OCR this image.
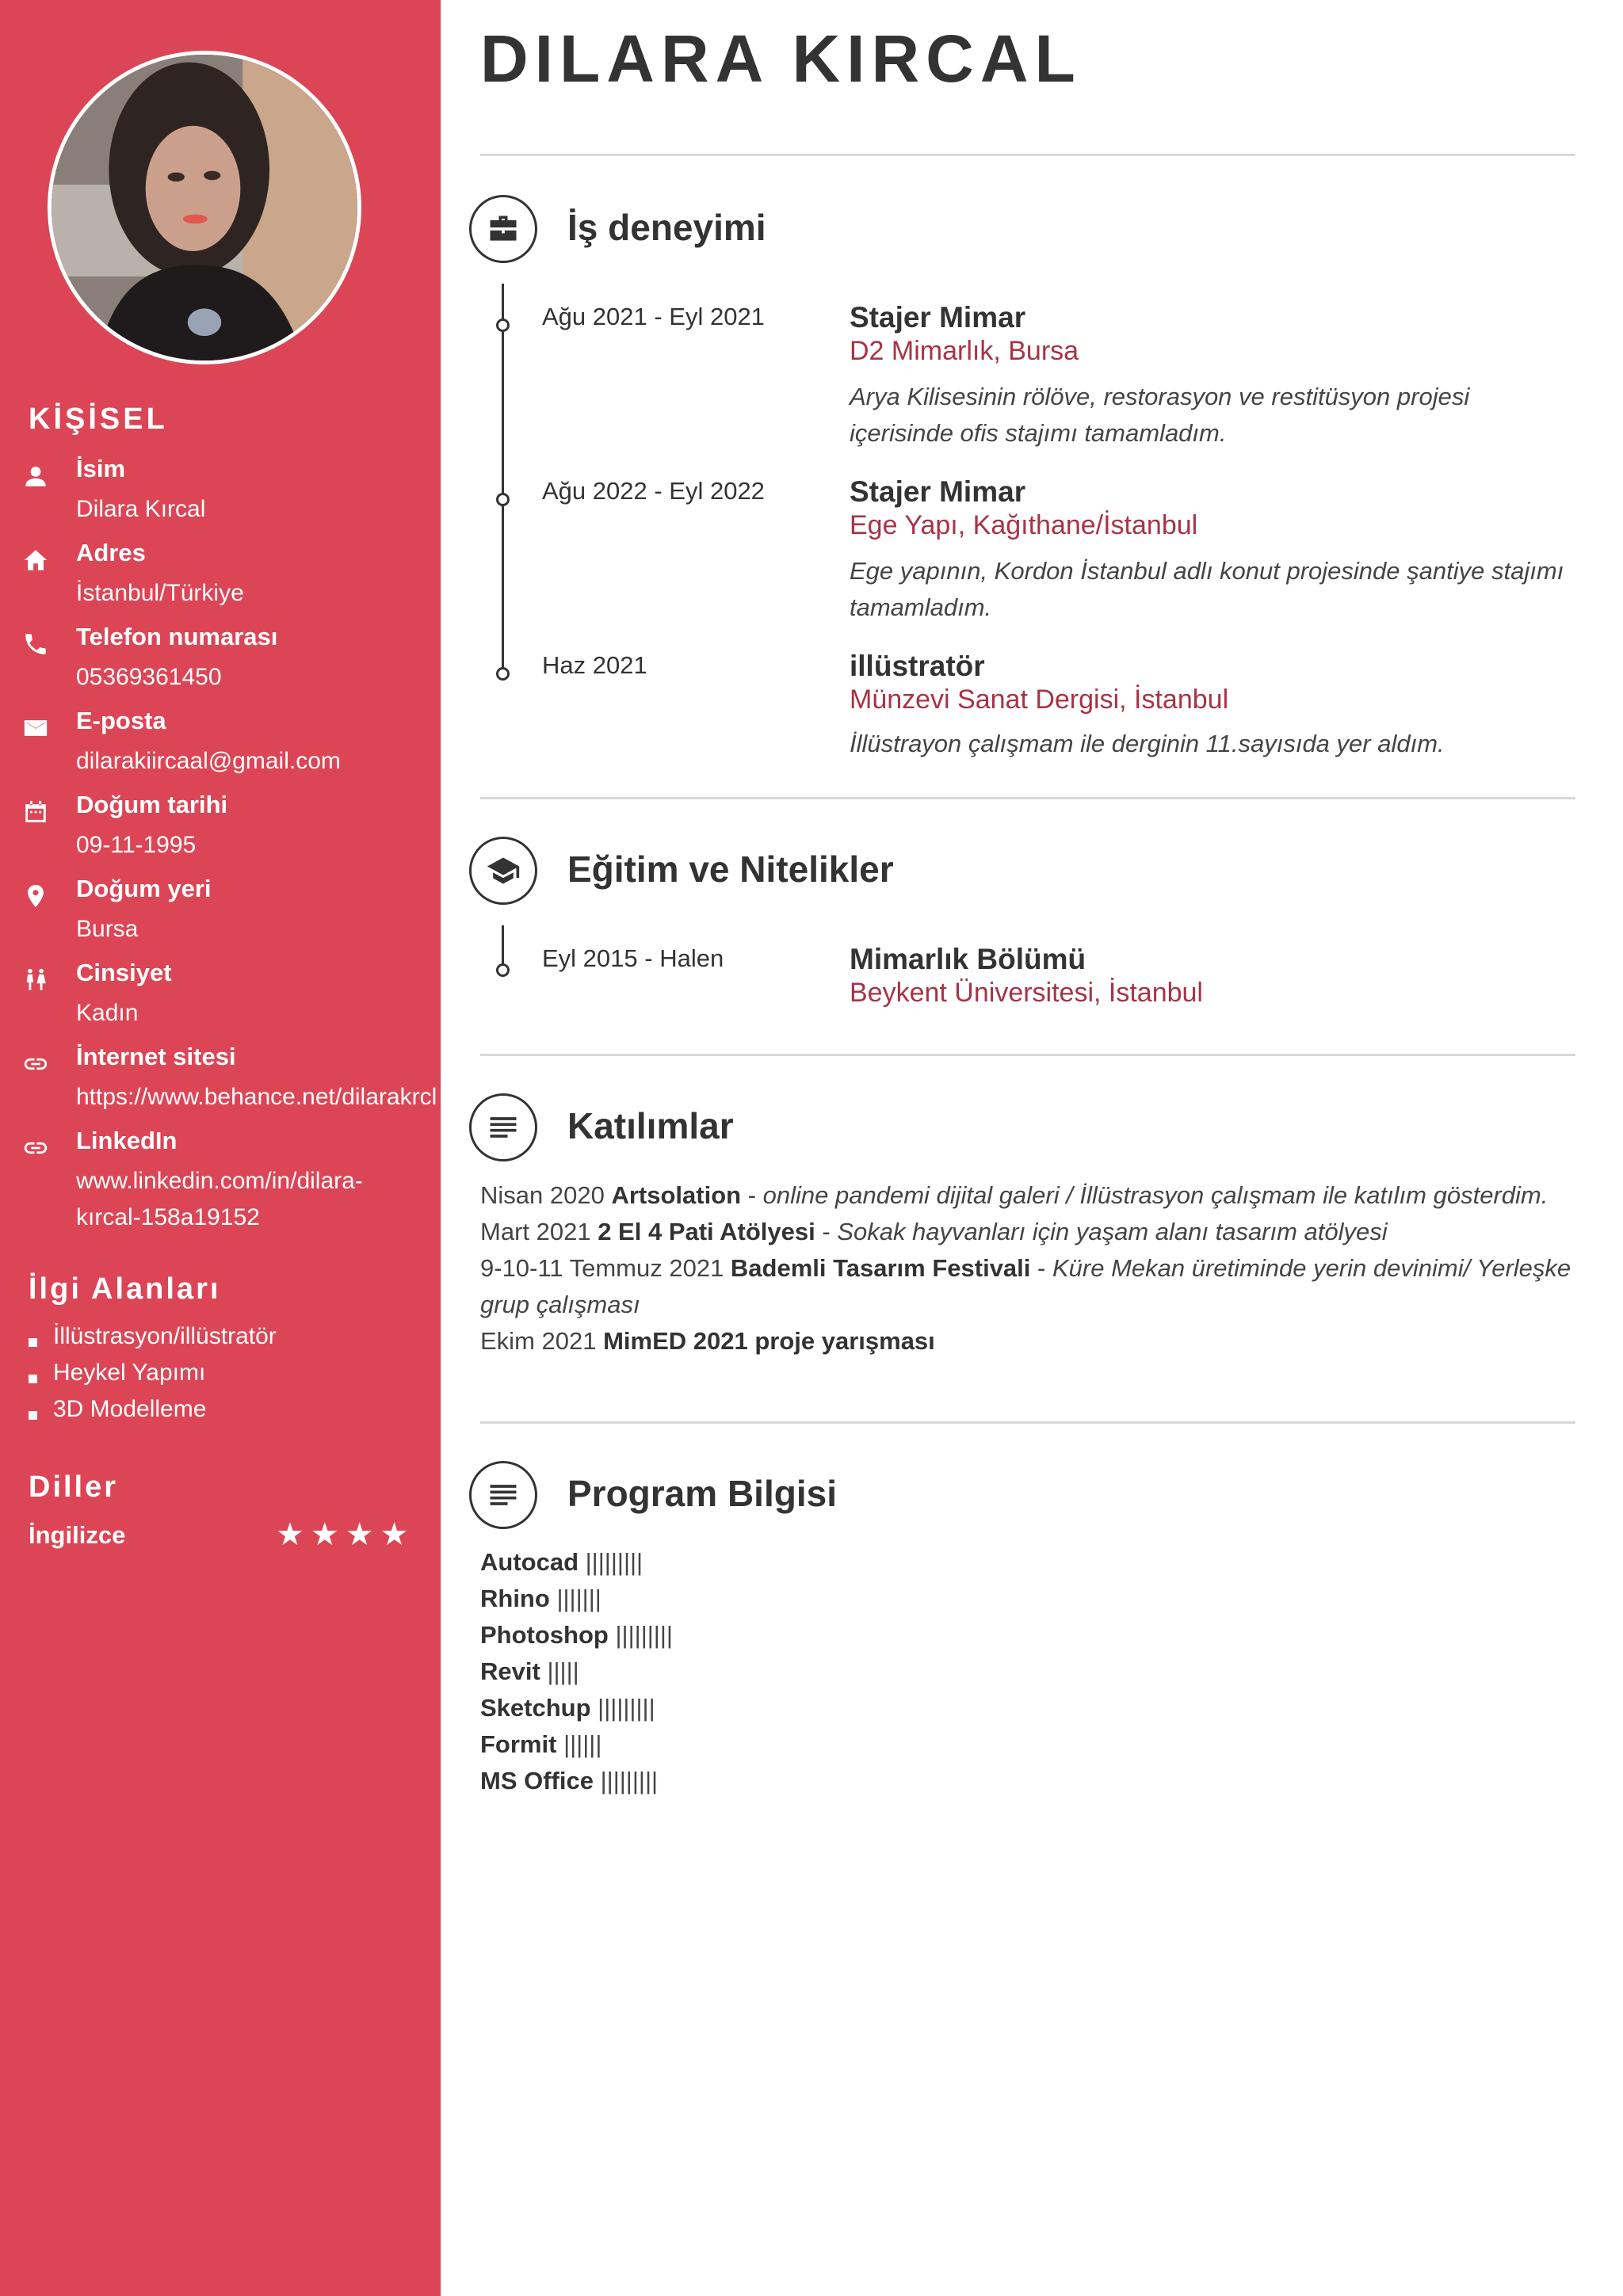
KİŞİSEL
İsim
Dilara Kırcal
Adres
İstanbul/Türkiye
Telefon numarası
05369361450
E-posta
dilarakiircaal@gmail.com
Doğum tarihi
09-11-1995
Doğum yeri
Bursa
Cinsiyet
Kadın
İnternet sitesi
https://www.behance.net/dilarakrcl
LinkedIn
www.linkedin.com/in/dilara-
kırcal-158a19152
İlgi Alanları
İllüstrasyon/illüstratör
Heykel Yapımı
3D Modelleme
Diller
İngilizce	★★★★
DILARA KIRCAL
İş deneyimi
Ağu 2021 - Eyl 2021	Stajer Mimar
D2 Mimarlık, Bursa
Arya Kilisesinin rölöve, restorasyon ve restitüsyon projesi içerisinde ofis stajımı tamamladım.
Ağu 2022 - Eyl 2022	Stajer Mimar
Ege Yapı, Kağıthane/İstanbul
Ege yapının, Kordon İstanbul adlı konut projesinde şantiye stajımı tamamladım.
Haz 2021	illüstratör
Münzevi Sanat Dergisi, İstanbul
İllüstrayon çalışmam ile derginin 11.sayısıda yer aldım.
Eğitim ve Nitelikler
Eyl 2015 - Halen	Mimarlık Bölümü
Beykent Üniversitesi, İstanbul
Katılımlar
Nisan 2020 Artsolation - online pandemi dijital galeri / İllüstrasyon çalışmam ile katılım gösterdim.
Mart 2021 2 El 4 Pati Atölyesi - Sokak hayvanları için yaşam alanı tasarım atölyesi
9-10-11 Temmuz 2021 Bademli Tasarım Festivali - Küre Mekan üretiminde yerin devinimi/ Yerleşke grup çalışması
Ekim 2021 MimED 2021 proje yarışması
Program Bilgisi
Autocad |||||||||
Rhino |||||||
Photoshop |||||||||
Revit |||||
Sketchup |||||||||
Formit ||||||
MS Office |||||||||
